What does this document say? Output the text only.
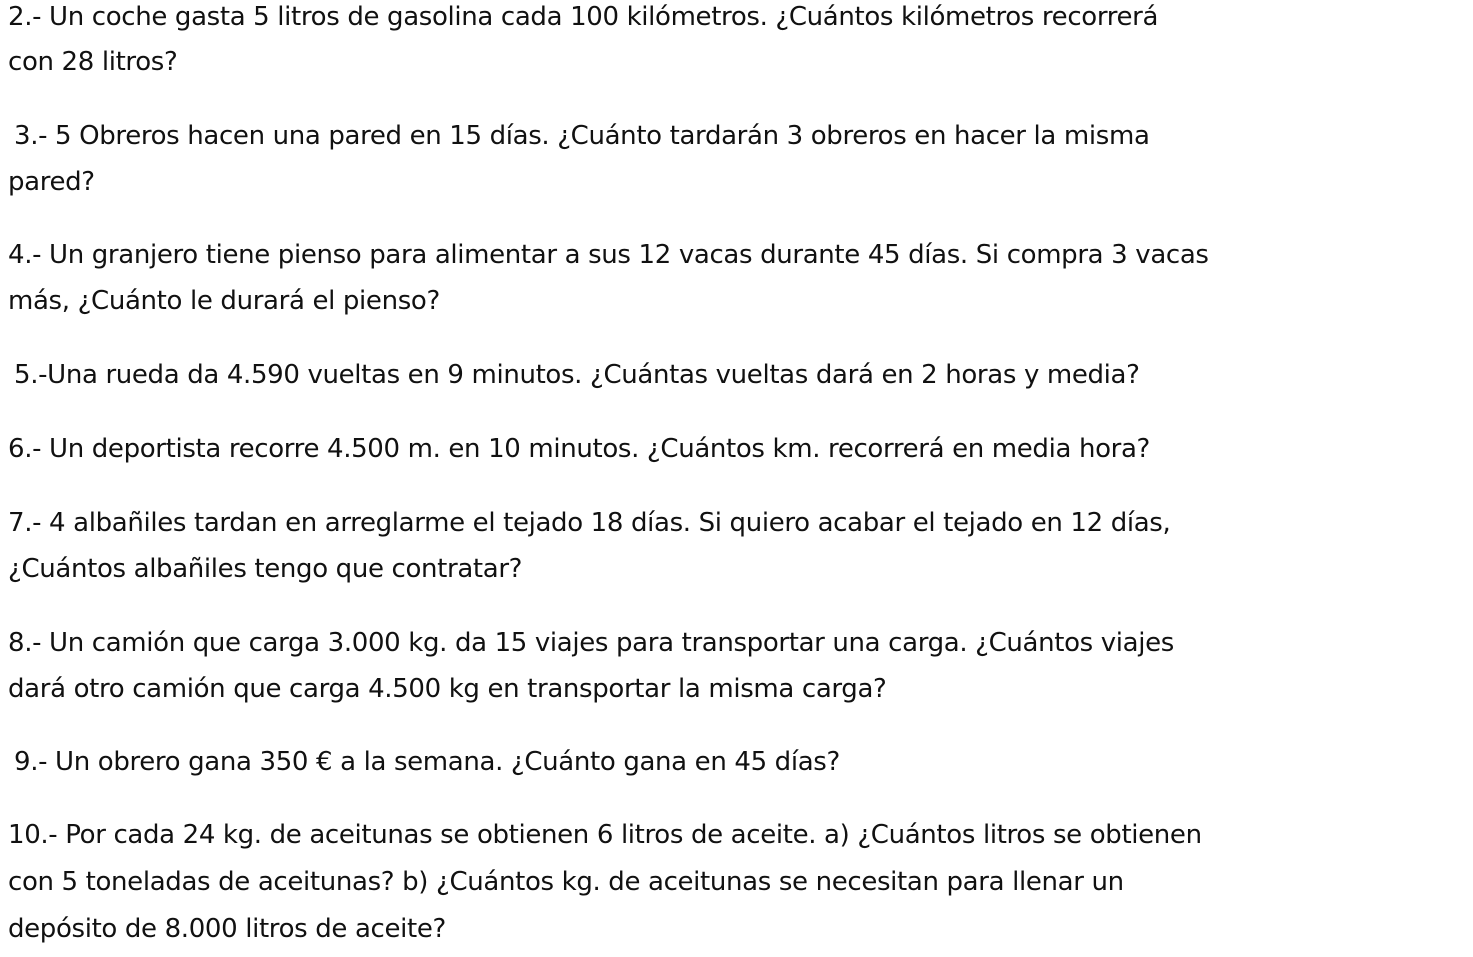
2.- Un coche gasta 5 litros de gasolina cada 100 kilómetros. ¿Cuántos kilómetros recorrerá
con 28 litros?
3.- 5 Obreros hacen una pared en 15 días. ¿Cuánto tardarán 3 obreros en hacer la misma
pared?
4.- Un granjero tiene pienso para alimentar a sus 12 vacas durante 45 días. Si compra 3 vacas
más, ¿Cuánto le durará el pienso?
5.-Una rueda da 4.590 vueltas en 9 minutos. ¿Cuántas vueltas dará en 2 horas y media?
6.- Un deportista recorre 4.500 m. en 10 minutos. ¿Cuántos km. recorrerá en media hora?
7.- 4 albañiles tardan en arreglarme el tejado 18 días. Si quiero acabar el tejado en 12 días,
¿Cuántos albañiles tengo que contratar?
8.- Un camión que carga 3.000 kg. da 15 viajes para transportar una carga. ¿Cuántos viajes
dará otro camión que carga 4.500 kg en transportar la misma carga?
9.- Un obrero gana 350 € a la semana. ¿Cuánto gana en 45 días?
10.- Por cada 24 kg. de aceitunas se obtienen 6 litros de aceite. a) ¿Cuántos litros se obtienen
con 5 toneladas de aceitunas? b) ¿Cuántos kg. de aceitunas se necesitan para llenar un
depósito de 8.000 litros de aceite?
